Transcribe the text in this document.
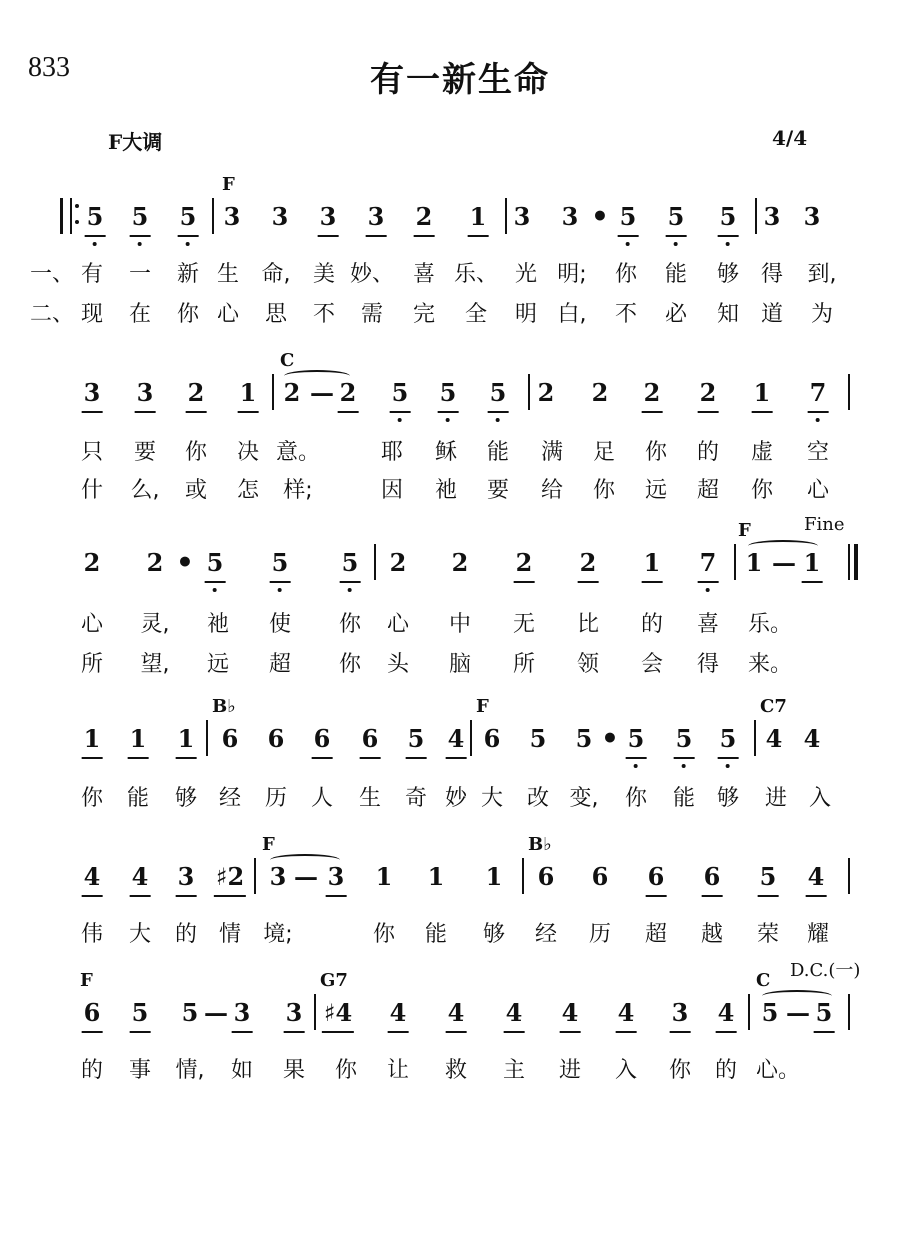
833	有一新生命
F大调	4/4
5 5 5 3 3 3 3 2 1 3 3 • 5 5 5 3 3
F
一、 有 一 新 生 命, 美 妙、 喜 乐、 光 明; 你 能 够 得 到,
二、 现 在 你 心 思 不 需 完 全 明 白, 不 必 知 道 为
3 3 2 1 2 — 2 5 5 5 2 2 2 2 1 7
C
只 要 你 决 意。	耶 稣 能 满 足 你 的 虚 空
什 么, 或 怎 样;	因 祂 要 给 你 远 超 你 心
2 2 • 5 5 5 2 2 2 2 1 7 1 — 1
F
心 灵, 祂 使 你 心 中 无 比 的 喜 乐。
所 望, 远 超 你 头 脑 所 领 会 得 来。
1 1 1 6 6 6 6 5 4 6 5 5 • 5 5 5 4 4
B♭	F	C7
你 能 够 经 历 人 生 奇 妙 大 改 变, 你 能 够 进 入
4 4 3 ♯2 3 — 3 1 1 1 6 6 6 6 5 4
F	B♭
伟 大 的 情 境;	你 能 够 经 历 超 越 荣 耀
6 5 5 — 3 3 ♯4 4 4 4 4 4 3 4 5 — 5
F	G7	C
的 事 情, 如 果 你 让 救 主 进 入 你 的 心。
Fine
D.C.(一)
